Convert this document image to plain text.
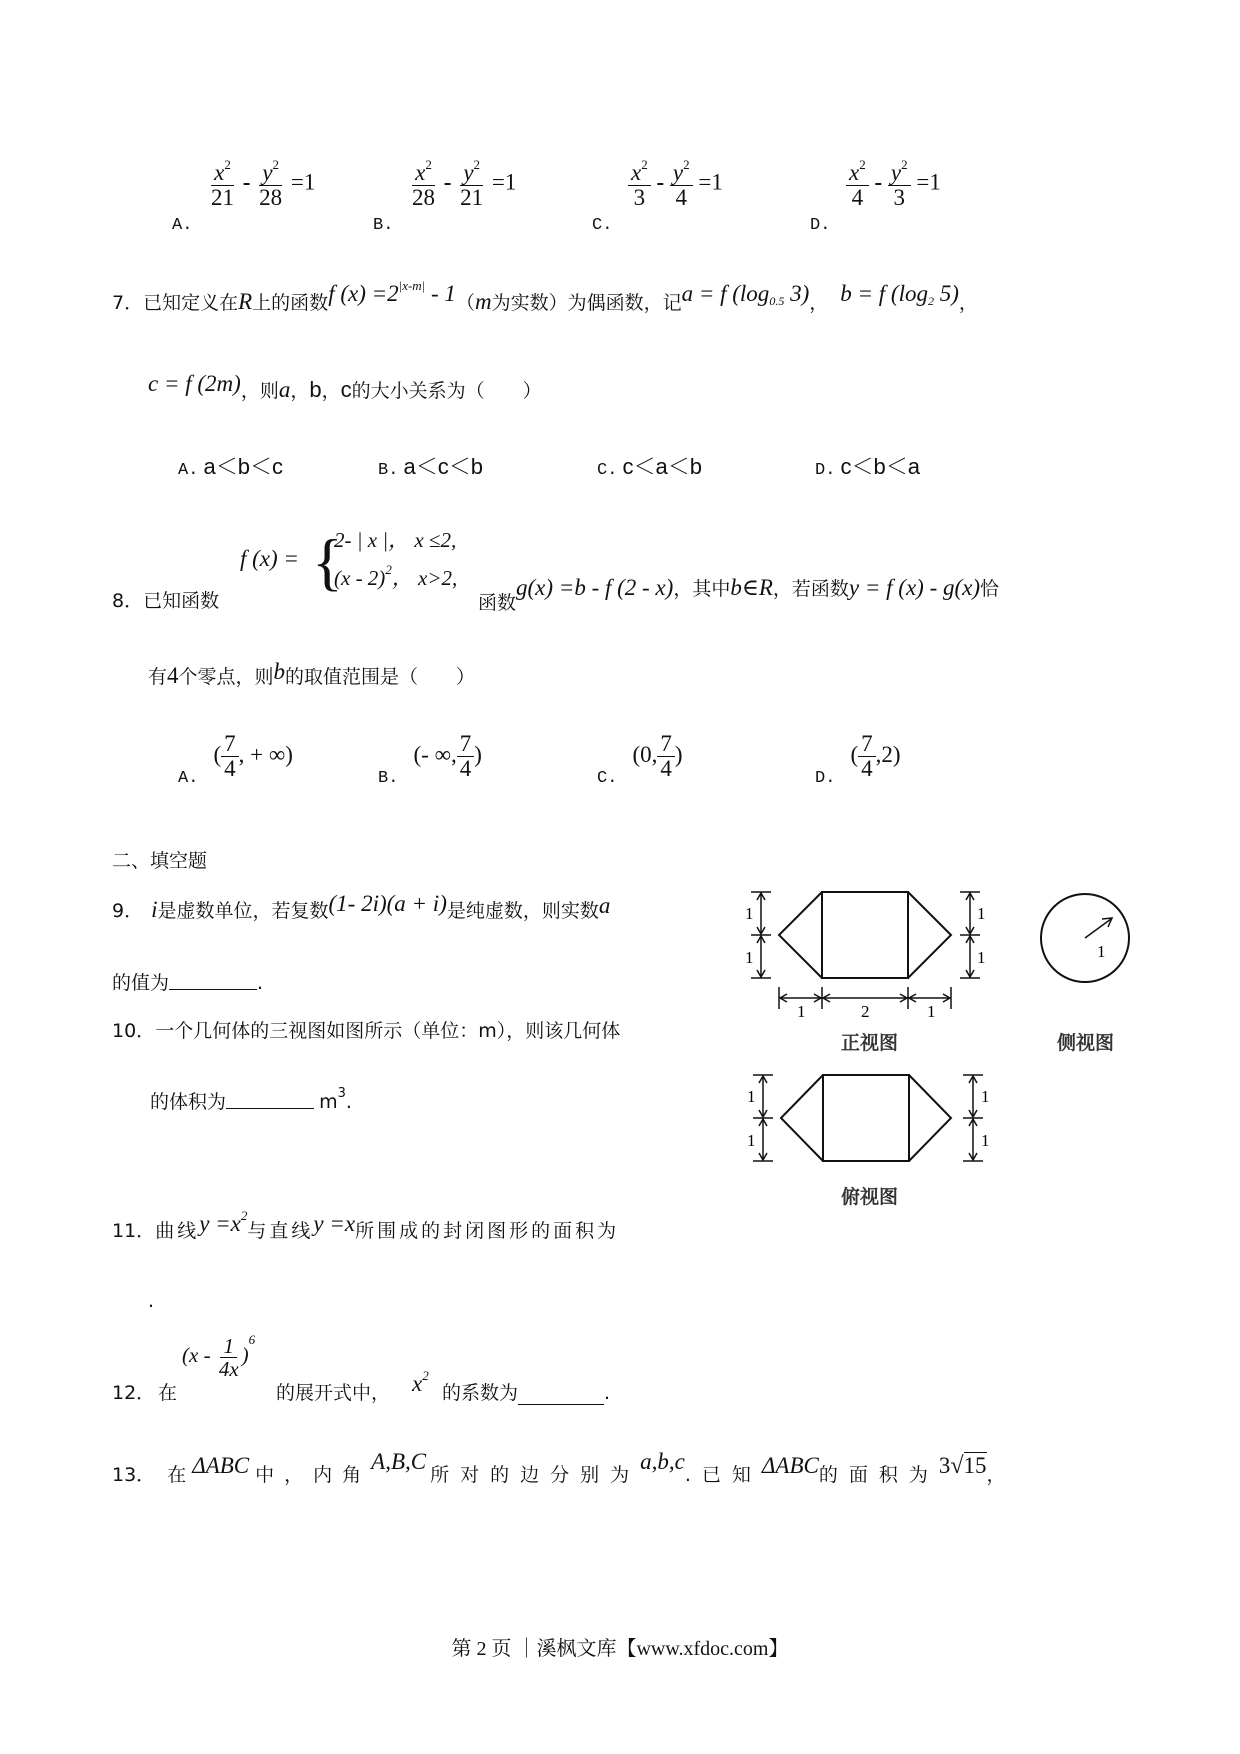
A.
$\frac{x^2}{21} - \frac{y^2}{28} =1$
B.
$\frac{x^2}{28} - \frac{y^2}{21} =1$
C.
$\frac{x^2}{3} - \frac{y^2}{4} =1$
D.
$\frac{x^2}{4} - \frac{y^2}{3} =1$
7．已知定义在R上的函数f $(x) =2^{|x-m|} - 1(m$为实数）为偶函数，记a = f ($\log_{0.5}$ 3)， b = f ($\log_2$ 5)，
c = f (2m)，则a，b，c的大小关系为（　　）
A. a＜b＜c	B. a＜c＜b	C. c＜a＜b	D. c＜b＜a
f (x) = {
2- | x |， x ≤2,
(x - 2)$^2$， x>2,
8．已知函数	函数g(x) =b - f (2 - x)，其中b∈R，若函数y = f (x) - g(x)恰
有4个零点，则b的取值范围是（　　）
A. ( $\frac{7}{4}$ , + ∞)
B. (- ∞, $\frac{7}{4}$ )
C. (0, $\frac{7}{4}$ )
D. ( $\frac{7}{4} ,2$)
二、填空题
9． i是虚数单位，若复数(1- 2i)(a + i)是纯虚数，则实数a
的值为	.
10．一个几何体的三视图如图所示（单位：m），则该几何体
的体积为	$m^3$.
11．曲线$y =x^2$与直线y =x所围成的封闭图形的面积为
.
12． 在
$(x - \frac{1}{4x} )^6$
的展开式中， $x^2$
的系数为	.
13． 在 ΔABC 中，内角A,B,C所对的边分别为a,b,c.已知ΔABC的面积为3√15，
1
1
1
1
1	2	1
正视图
1
侧视图
1
1
1
1
俯视图
第 2 页 ｜溪枫文库【www.xfdoc.com】
